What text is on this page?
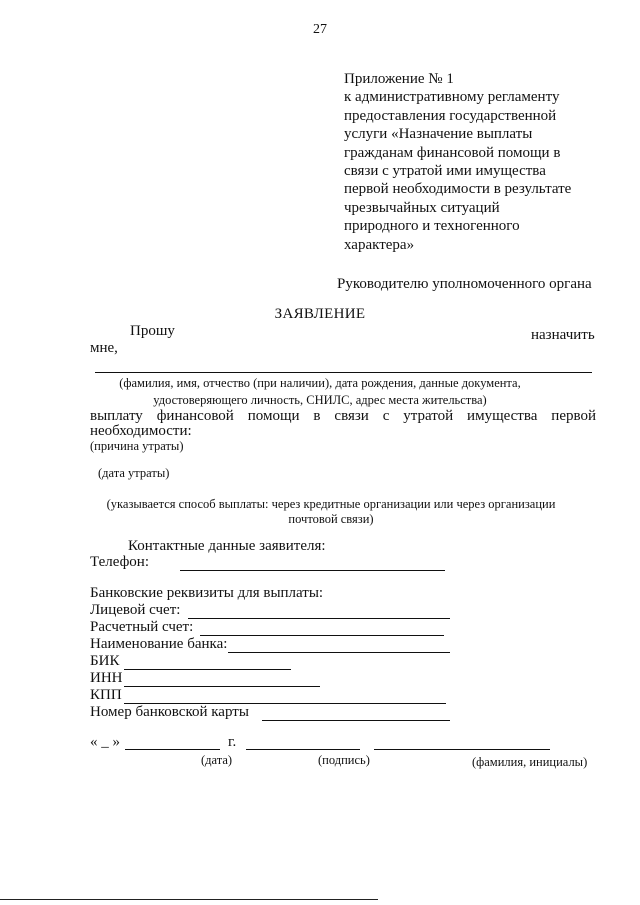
27
Приложение № 1
к административному регламенту
предоставления государственной
услуги «Назначение выплаты
гражданам финансовой помощи в
связи с утратой ими имущества
первой необходимости в результате
чрезвычайных ситуаций
природного и техногенного
характера»
Руководителю уполномоченного органа
ЗАЯВЛЕНИЕ
Прошу	назначить
мне,
(фамилия, имя, отчество (при наличии), дата рождения, данные документа,
удостоверяющего личность, СНИЛС, адрес места жительства)
выплату финансовой помощи в связи с утратой имущества первой
необходимости:
(причина утраты)
(дата утраты)
(указывается способ выплаты: через кредитные организации или через организации
почтовой связи)
Контактные данные заявителя:
Телефон:
Банковские реквизиты для выплаты:
Лицевой счет:
Расчетный счет:
Наименование банка:
БИК
ИНН
КПП
Номер банковской карты
« _ »	г.
(дата)	(подпись)	(фамилия, инициалы)
